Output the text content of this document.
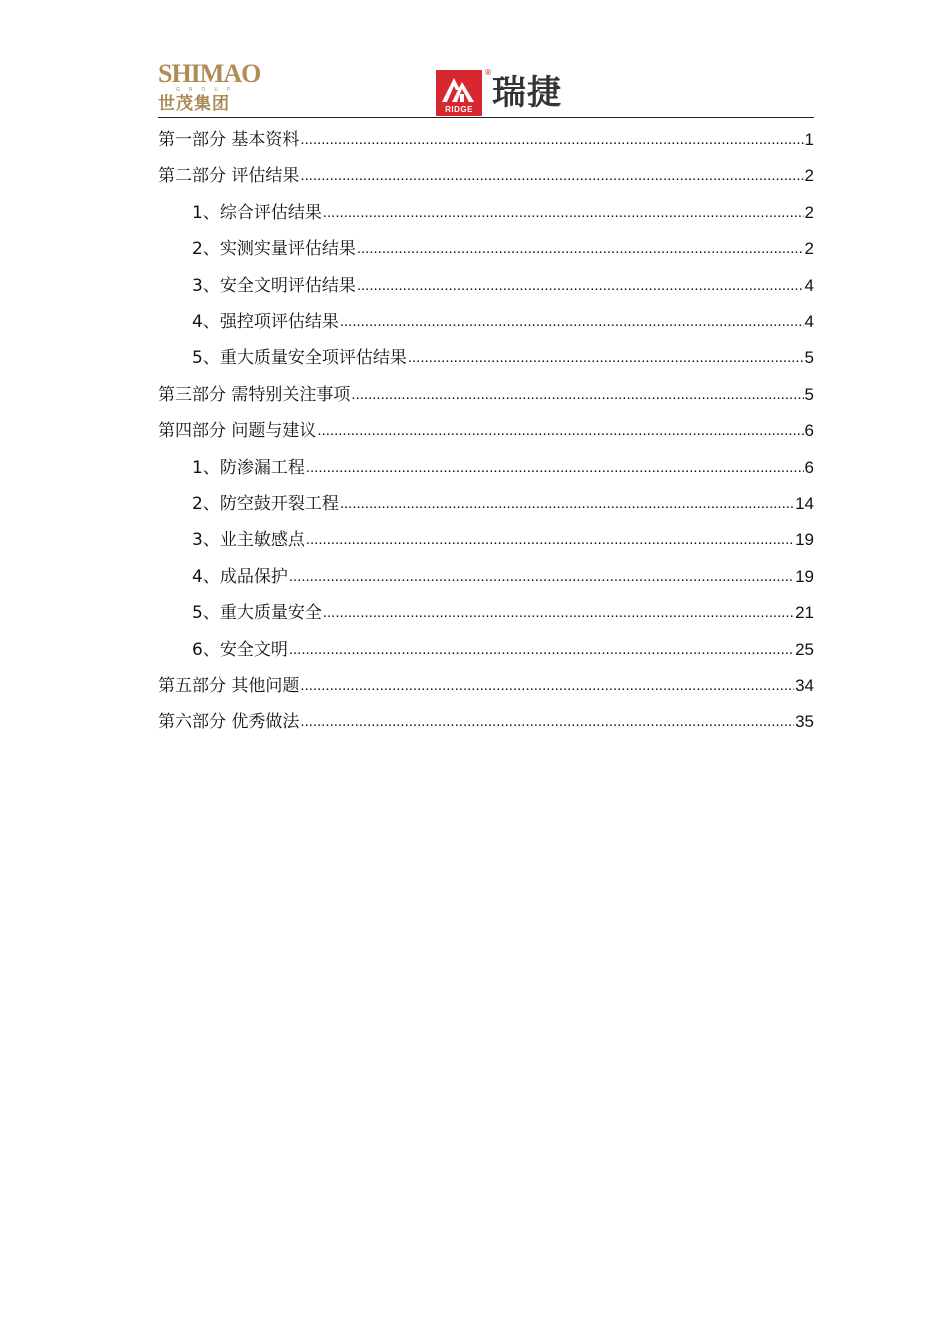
SHIMAO
GROUP
世茂集团	RIDGE
®
瑞捷
第一部分 基本资料 .....	1
第二部分 评估结果 .....	2
1、综合评估结果 .....	2
2、实测实量评估结果 .....	2
3、安全文明评估结果 .....	4
4、强控项评估结果 .....	4
5、重大质量安全项评估结果 .....	5
第三部分 需特别关注事项 .....	5
第四部分 问题与建议 .....	6
1、防渗漏工程 .....	6
2、防空鼓开裂工程 .....	14
3、业主敏感点 .....	19
4、成品保护 .....	19
5、重大质量安全 .....	21
6、安全文明 .....	25
第五部分 其他问题 .....	34
第六部分 优秀做法 .....	35
